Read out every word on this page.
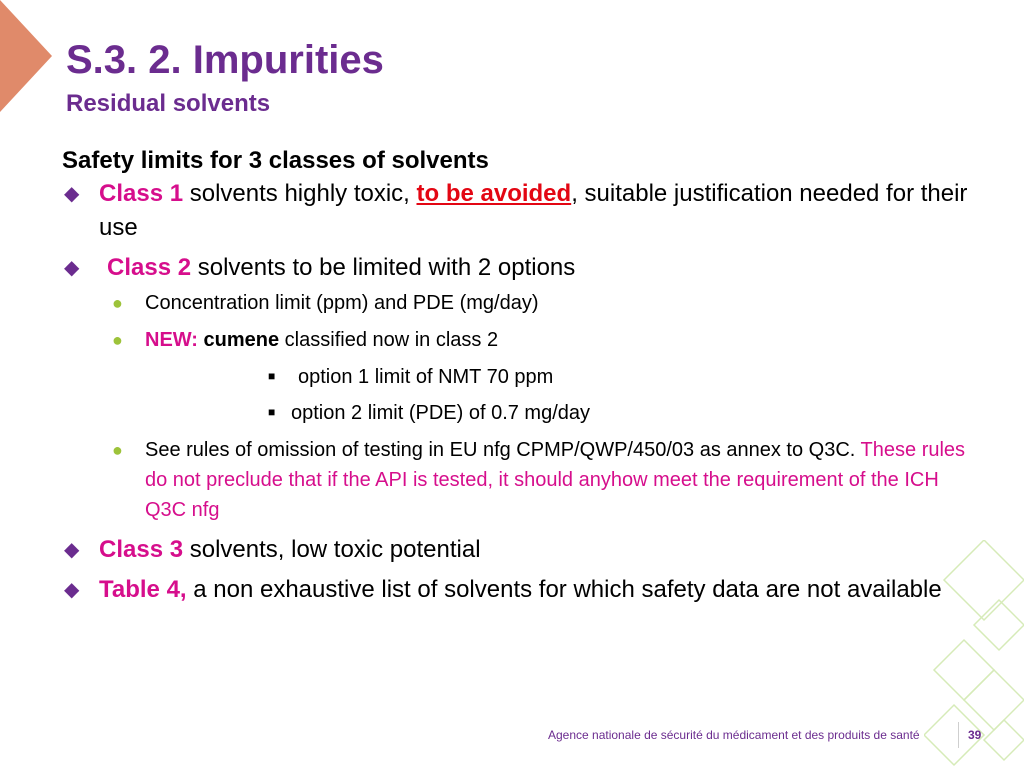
S.3. 2. Impurities
Residual solvents
Safety limits for 3 classes of solvents
◆ Class 1 solvents highly toxic, to be avoided, suitable justification needed for their use
◆	Class 2 solvents to be limited with 2 options
● Concentration limit (ppm) and PDE (mg/day)
● NEW: cumene classified now in class 2
■ option 1 limit of NMT 70 ppm
■ option 2 limit (PDE) of 0.7 mg/day
● See rules of omission of testing in EU nfg CPMP/QWP/450/03 as annex to Q3C. These rules do not preclude that if the API is tested, it should anyhow meet the requirement of the ICH Q3C nfg
◆ Class 3 solvents, low toxic potential
◆ Table 4, a non exhaustive list of solvents for which safety data are not available
Agence nationale de sécurité du médicament et des produits de santé	39
